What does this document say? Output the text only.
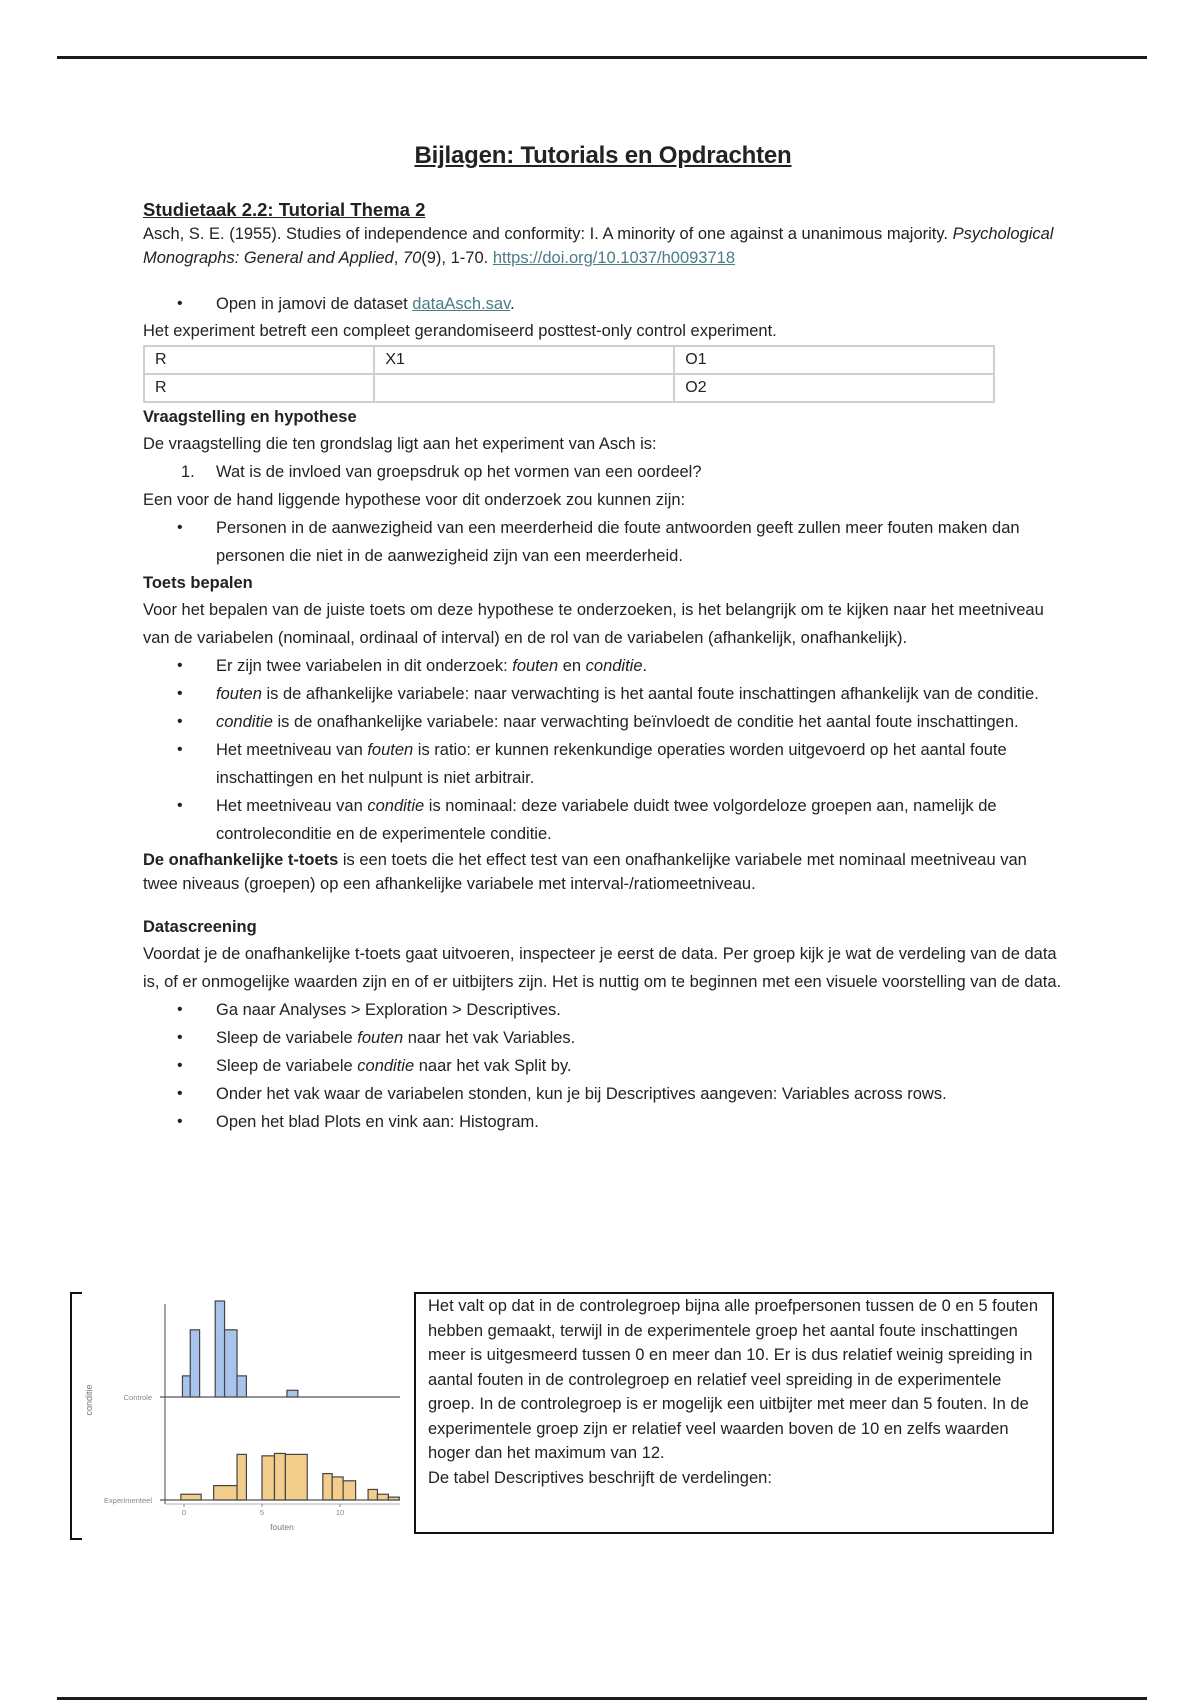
Bijlagen: Tutorials en Opdrachten
Studietaak 2.2: Tutorial Thema 2

Asch, S. E. (1955). Studies of independence and conformity: I. A minority of one against a unanimous majority. Psychological Monographs: General and Applied, 70(9), 1-70. https://doi.org/10.1037/h0093718

• Open in jamovi de dataset dataAsch.sav.

Het experiment betreft een compleet gerandomiseerd posttest-only control experiment.

R	X1	O1
R		O2

Vraagstelling en hypothese

De vraagstelling die ten grondslag ligt aan het experiment van Asch is:

1. Wat is de invloed van groepsdruk op het vormen van een oordeel?

Een voor de hand liggende hypothese voor dit onderzoek zou kunnen zijn:

• Personen in de aanwezigheid van een meerderheid die foute antwoorden geeft zullen meer fouten maken dan personen die niet in de aanwezigheid zijn van een meerderheid.

Toets bepalen

Voor het bepalen van de juiste toets om deze hypothese te onderzoeken, is het belangrijk om te kijken naar het meetniveau van de variabelen (nominaal, ordinaal of interval) en de rol van de variabelen (afhankelijk, onafhankelijk).

• Er zijn twee variabelen in dit onderzoek: fouten en conditie.
• fouten is de afhankelijke variabele: naar verwachting is het aantal foute inschattingen afhankelijk van de conditie.
• conditie is de onafhankelijke variabele: naar verwachting beïnvloedt de conditie het aantal foute inschattingen.
• Het meetniveau van fouten is ratio: er kunnen rekenkundige operaties worden uitgevoerd op het aantal foute inschattingen en het nulpunt is niet arbitrair.
• Het meetniveau van conditie is nominaal: deze variabele duidt twee volgordeloze groepen aan, namelijk de controleconditie en de experimentele conditie.

De onafhankelijke t-toets is een toets die het effect test van een onafhankelijke variabele met nominaal meetniveau van twee niveaus (groepen) op een afhankelijke variabele met interval-/ratiomeetniveau.

Datascreening

Voordat je de onafhankelijke t-toets gaat uitvoeren, inspecteer je eerst de data. Per groep kijk je wat de verdeling van de data is, of er onmogelijke waarden zijn en of er uitbijters zijn. Het is nuttig om te beginnen met een visuele voorstelling van de data.

• Ga naar Analyses > Exploration > Descriptives.
• Sleep de variabele fouten naar het vak Variables.
• Sleep de variabele conditie naar het vak Split by.
• Onder het vak waar de variabelen stonden, kun je bij Descriptives aangeven: Variables across rows.
• Open het blad Plots en vink aan: Histogram.
conditie	Controle
Experimenteel
0	5	10
fouten

Het valt op dat in de controlegroep bijna alle proefpersonen tussen de 0 en 5 fouten hebben gemaakt, terwijl in de experimentele groep het aantal foute inschattingen meer is uitgesmeerd tussen 0 en meer dan 10. Er is dus relatief weinig spreiding in aantal fouten in de controlegroep en relatief veel spreiding in de experimentele groep. In de controlegroep is er mogelijk een uitbijter met meer dan 5 fouten. In de experimentele groep zijn er relatief veel waarden boven de 10 en zelfs waarden hoger dan het maximum van 12.

De tabel Descriptives beschrijft de verdelingen:
